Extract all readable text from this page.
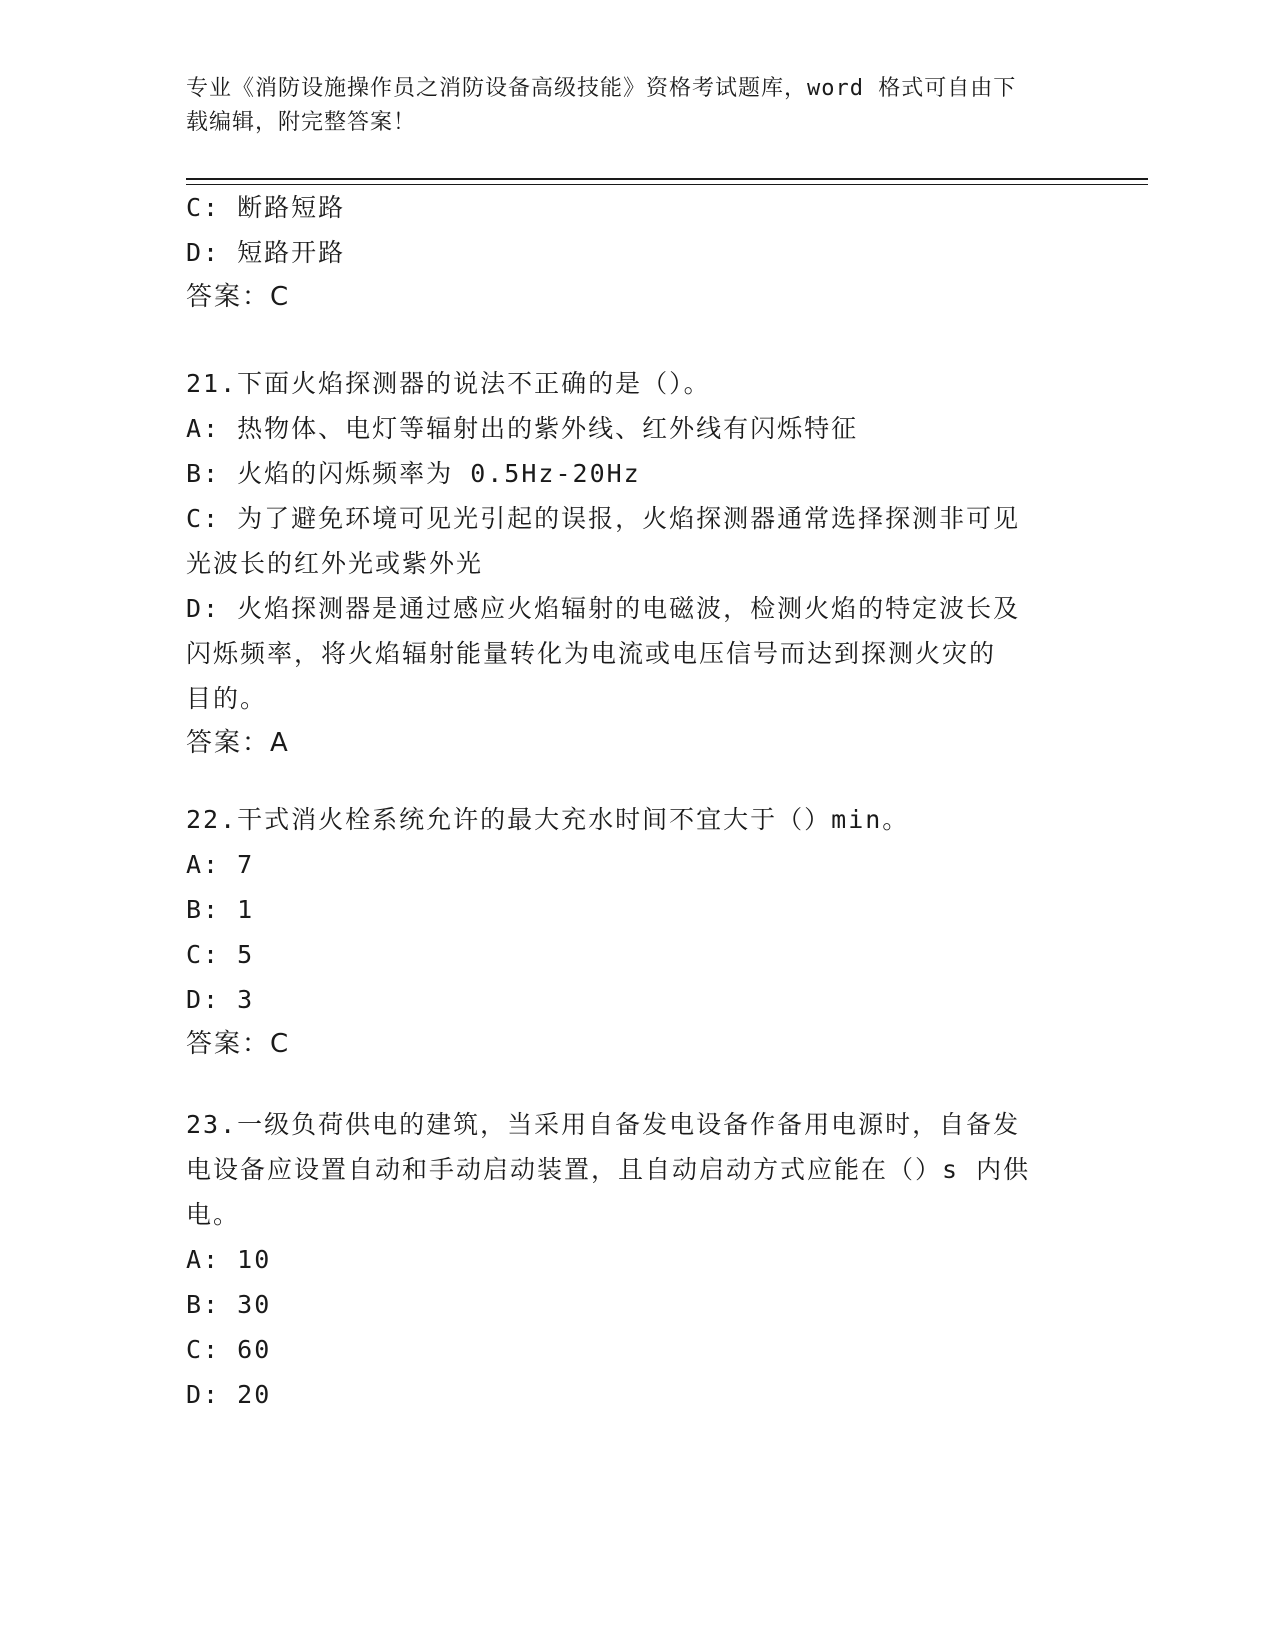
专业《消防设施操作员之消防设备高级技能》资格考试题库，word 格式可自由下
载编辑，附完整答案！
C: 断路短路
D: 短路开路
答案：C
21.下面火焰探测器的说法不正确的是（）。
A: 热物体、电灯等辐射出的紫外线、红外线有闪烁特征
B: 火焰的闪烁频率为 0.5Hz-20Hz
C: 为了避免环境可见光引起的误报，火焰探测器通常选择探测非可见
光波长的红外光或紫外光
D: 火焰探测器是通过感应火焰辐射的电磁波，检测火焰的特定波长及
闪烁频率，将火焰辐射能量转化为电流或电压信号而达到探测火灾的
目的。
答案：A
22.干式消火栓系统允许的最大充水时间不宜大于（）min。
A: 7
B: 1
C: 5
D: 3
答案：C
23.一级负荷供电的建筑，当采用自备发电设备作备用电源时，自备发
电设备应设置自动和手动启动装置，且自动启动方式应能在（）s 内供
电。
A: 10
B: 30
C: 60
D: 20
